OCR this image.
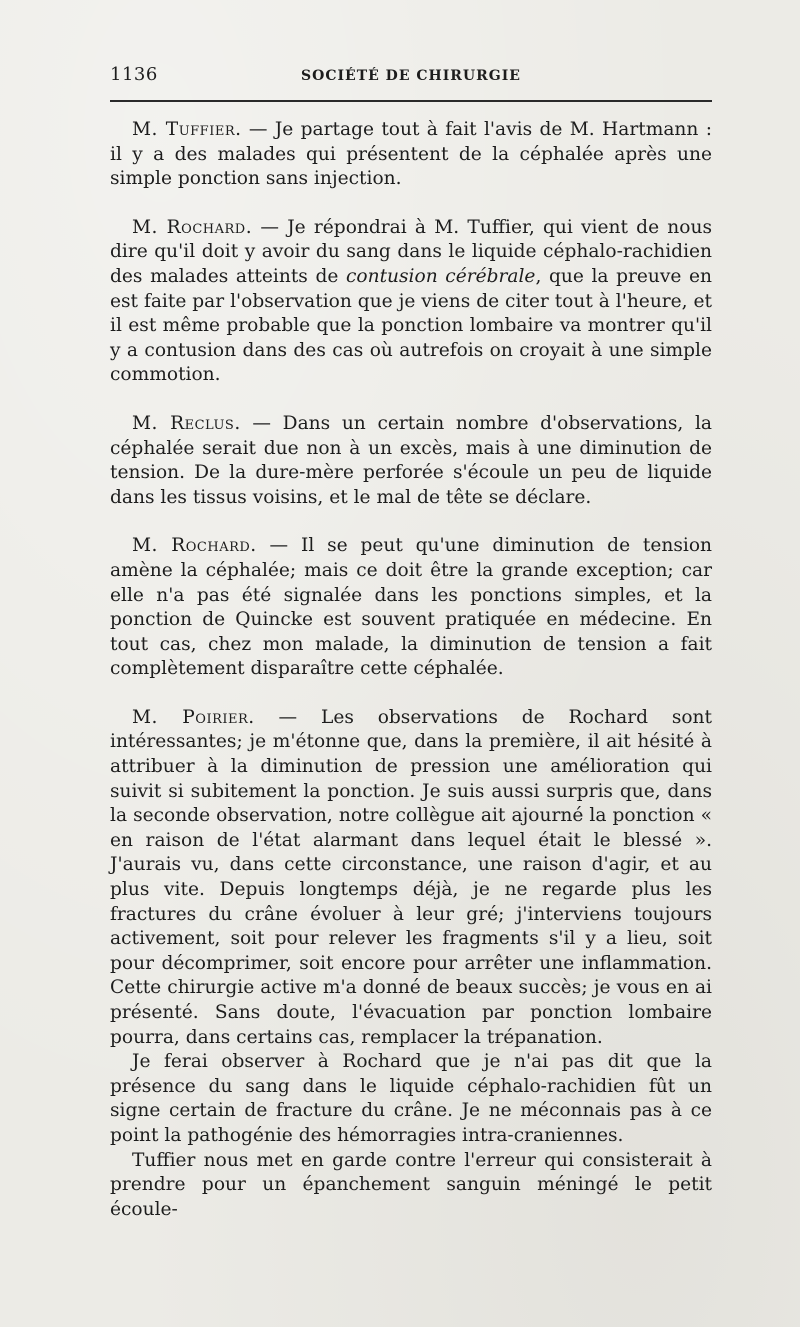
1136	SOCIÉTÉ DE CHIRURGIE

M. Tuffier. — Je partage tout à fait l'avis de M. Hartmann : il y a des malades qui présentent de la céphalée après une simple ponction sans injection.

M. Rochard. — Je répondrai à M. Tuffier, qui vient de nous dire qu'il doit y avoir du sang dans le liquide céphalo-rachidien des malades atteints de contusion cérébrale, que la preuve en est faite par l'observation que je viens de citer tout à l'heure, et il est même probable que la ponction lombaire va montrer qu'il y a contusion dans des cas où autrefois on croyait à une simple commotion.

M. Reclus. — Dans un certain nombre d'observations, la céphalée serait due non à un excès, mais à une diminution de tension. De la dure-mère perforée s'écoule un peu de liquide dans les tissus voisins, et le mal de tête se déclare.

M. Rochard. — Il se peut qu'une diminution de tension amène la céphalée; mais ce doit être la grande exception; car elle n'a pas été signalée dans les ponctions simples, et la ponction de Quincke est souvent pratiquée en médecine. En tout cas, chez mon malade, la diminution de tension a fait complètement disparaître cette céphalée.

M. Poirier. — Les observations de Rochard sont intéressantes; je m'étonne que, dans la première, il ait hésité à attribuer à la diminution de pression une amélioration qui suivit si subitement la ponction. Je suis aussi surpris que, dans la seconde observation, notre collègue ait ajourné la ponction « en raison de l'état alarmant dans lequel était le blessé ». J'aurais vu, dans cette circonstance, une raison d'agir, et au plus vite. Depuis longtemps déjà, je ne regarde plus les fractures du crâne évoluer à leur gré; j'interviens toujours activement, soit pour relever les fragments s'il y a lieu, soit pour décomprimer, soit encore pour arrêter une inflammation. Cette chirurgie active m'a donné de beaux succès; je vous en ai présenté. Sans doute, l'évacuation par ponction lombaire pourra, dans certains cas, remplacer la trépanation.

Je ferai observer à Rochard que je n'ai pas dit que la présence du sang dans le liquide céphalo-rachidien fût un signe certain de fracture du crâne. Je ne méconnais pas à ce point la pathogénie des hémorragies intra-craniennes.

Tuffier nous met en garde contre l'erreur qui consisterait à prendre pour un épanchement sanguin méningé le petit écoule-
